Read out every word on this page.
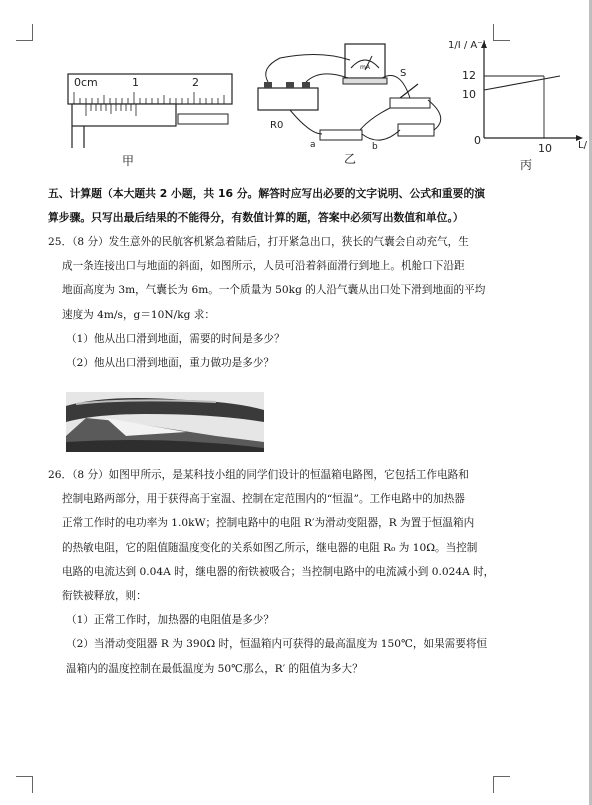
0cm	1	2
甲
R0
mA
S
a	b
乙
1/I / A⁻¹
L/
12
10
0
10
丙
五、计算题（本大题共 2 小题，共 16 分。解答时应写出必要的文字说明、公式和重要的演
算步骤。只写出最后结果的不能得分，有数值计算的题，答案中必须写出数值和单位。）
25．（8 分）发生意外的民航客机紧急着陆后，打开紧急出口，狭长的气囊会自动充气，生
成一条连接出口与地面的斜面，如图所示，人员可沿着斜面滑行到地上。机舱口下沿距
地面高度为 3m，气囊长为 6m。一个质量为 50kg 的人沿气囊从出口处下滑到地面的平均
速度为 4m/s，g＝10N/kg 求：
（1）他从出口滑到地面，需要的时间是多少？
（2）他从出口滑到地面，重力做功是多少？
26．（8 分）如图甲所示，是某科技小组的同学们设计的恒温箱电路图，它包括工作电路和
控制电路两部分，用于获得高于室温、控制在定范围内的“恒温”。工作电路中的加热器
正常工作时的电功率为 1.0kW；控制电路中的电阻 R′为滑动变阻器，R 为置于恒温箱内
的热敏电阻，它的阻值随温度变化的关系如图乙所示，继电器的电阻 R₀ 为 10Ω。当控制
电路的电流达到 0.04A 时，继电器的衔铁被吸合；当控制电路中的电流减小到 0.024A 时，
衔铁被释放，则：
（1）正常工作时，加热器的电阻值是多少？
（2）当滑动变阻器 R 为 390Ω 时，恒温箱内可获得的最高温度为 150℃，如果需要将恒
温箱内的温度控制在最低温度为 50℃那么，R′ 的阻值为多大？
